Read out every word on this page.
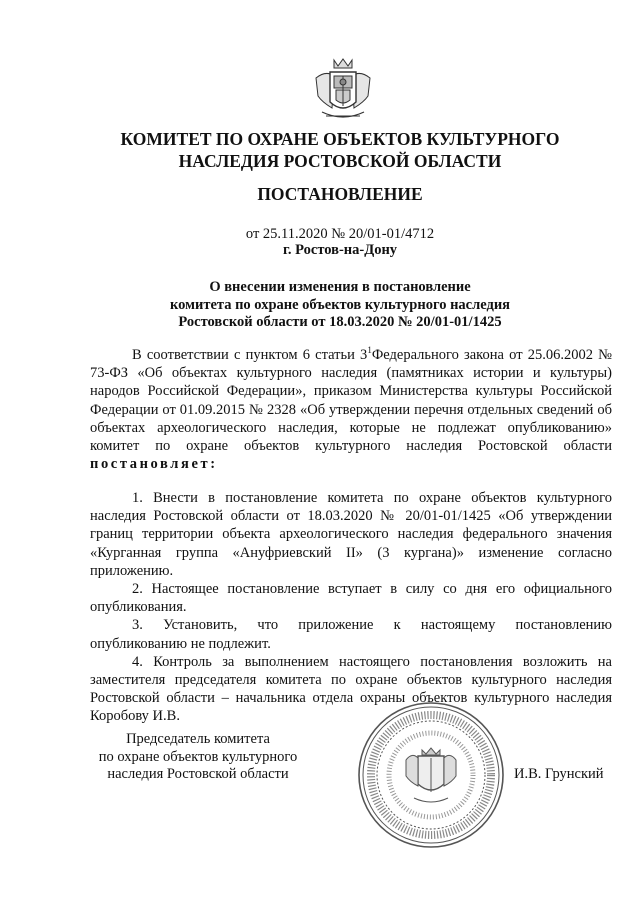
КОМИТЕТ ПО ОХРАНЕ ОБЪЕКТОВ КУЛЬТУРНОГО
НАСЛЕДИЯ РОСТОВСКОЙ ОБЛАСТИ
ПОСТАНОВЛЕНИЕ
от 25.11.2020 № 20/01-01/4712
г. Ростов-на-Дону
О внесении изменения в постановление
комитета по охране объектов культурного наследия
Ростовской области от 18.03.2020 № 20/01-01/1425

В соответствии с пунктом 6 статьи $3^1Федерального$ закона от 25.06.2002 № 73-ФЗ «Об объектах культурного наследия (памятниках истории и культуры) народов Российской Федерации», приказом Министерства культуры Российской Федерации от 01.09.2015 № 2328 «Об утверждении перечня отдельных сведений об объектах археологического наследия, которые не подлежат опубликованию» комитет по охране объектов культурного наследия Ростовской области постановляет:

1. Внести в постановление комитета по охране объектов культурного наследия Ростовской области от 18.03.2020 № 20/01-01/1425 «Об утверждении границ территории объекта археологического наследия федерального значения «Курганная группа «Ануфриевский II» (3 кургана)» изменение согласно приложению.

2. Настоящее постановление вступает в силу со дня его официального опубликования.

3. Установить, что приложение к настоящему постановлению опубликованию не подлежит.

4. Контроль за выполнением настоящего постановления возложить на заместителя председателя комитета по охране объектов культурного наследия Ростовской области – начальника отдела охраны объектов культурного наследия Коробову И.В.

Председатель комитета
по охране объектов культурного
наследия Ростовской области	И.В. Грунский
